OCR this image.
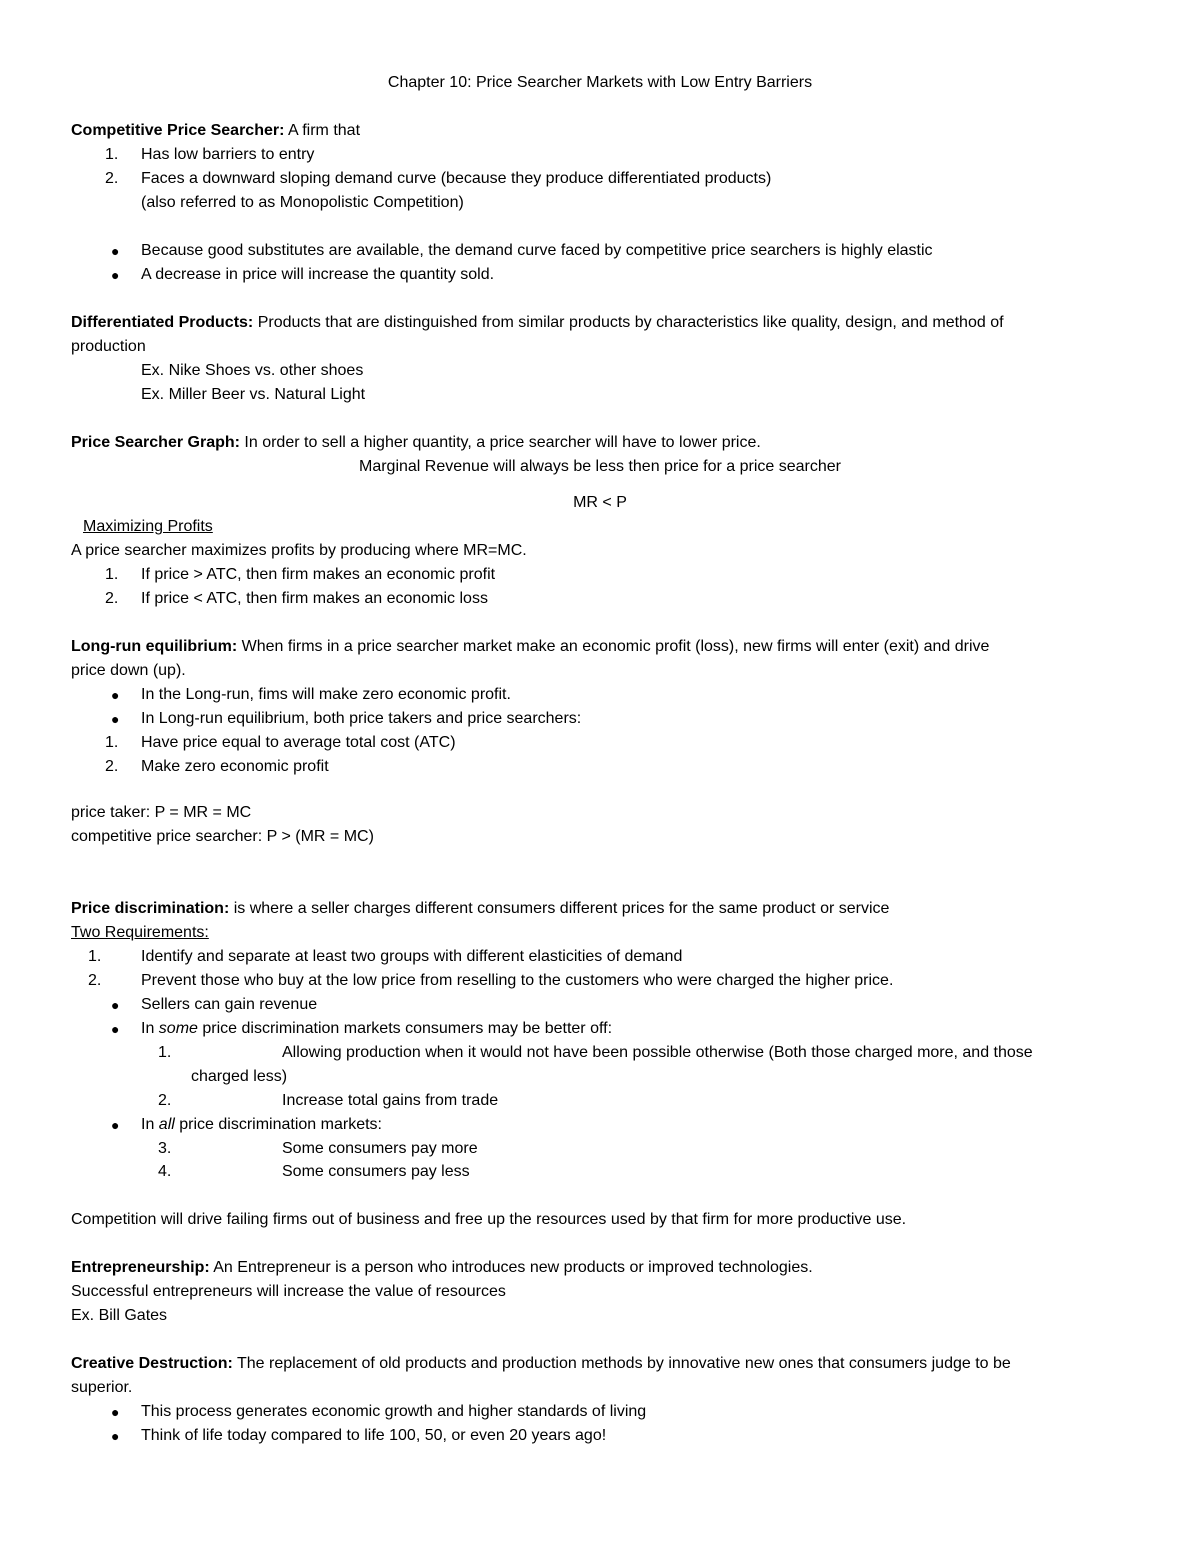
Chapter 10: Price Searcher Markets with Low Entry Barriers
Competitive Price Searcher: A firm that
1. Has low barriers to entry
2. Faces a downward sloping demand curve (because they produce differentiated products)
(also referred to as Monopolistic Competition)
● Because good substitutes are available, the demand curve faced by competitive price searchers is highly elastic
● A decrease in price will increase the quantity sold.
Differentiated Products: Products that are distinguished from similar products by characteristics like quality, design, and method of
production
Ex. Nike Shoes vs. other shoes
Ex. Miller Beer vs. Natural Light
Price Searcher Graph: In order to sell a higher quantity, a price searcher will have to lower price.
Marginal Revenue will always be less then price for a price searcher
MR < P
Maximizing Profits
A price searcher maximizes profits by producing where MR=MC.
1. If price > ATC, then firm makes an economic profit
2. If price < ATC, then firm makes an economic loss
Long-run equilibrium: When firms in a price searcher market make an economic profit (loss), new firms will enter (exit) and drive
price down (up).
● In the Long-run, fims will make zero economic profit.
● In Long-run equilibrium, both price takers and price searchers:
1. Have price equal to average total cost (ATC)
2. Make zero economic profit
price taker: P = MR = MC
competitive price searcher: P > (MR = MC)
Price discrimination: is where a seller charges different consumers different prices for the same product or service
Two Requirements:
1. Identify and separate at least two groups with different elasticities of demand
2. Prevent those who buy at the low price from reselling to the customers who were charged the higher price.
● Sellers can gain revenue
● In some price discrimination markets consumers may be better off:
1.	Allowing production when it would not have been possible otherwise (Both those charged more, and those
charged less)
2.	Increase total gains from trade
● In all price discrimination markets:
3.	Some consumers pay more
4.	Some consumers pay less
Competition will drive failing firms out of business and free up the resources used by that firm for more productive use.
Entrepreneurship: An Entrepreneur is a person who introduces new products or improved technologies.
Successful entrepreneurs will increase the value of resources
Ex. Bill Gates
Creative Destruction: The replacement of old products and production methods by innovative new ones that consumers judge to be
superior.
● This process generates economic growth and higher standards of living
● Think of life today compared to life 100, 50, or even 20 years ago!
